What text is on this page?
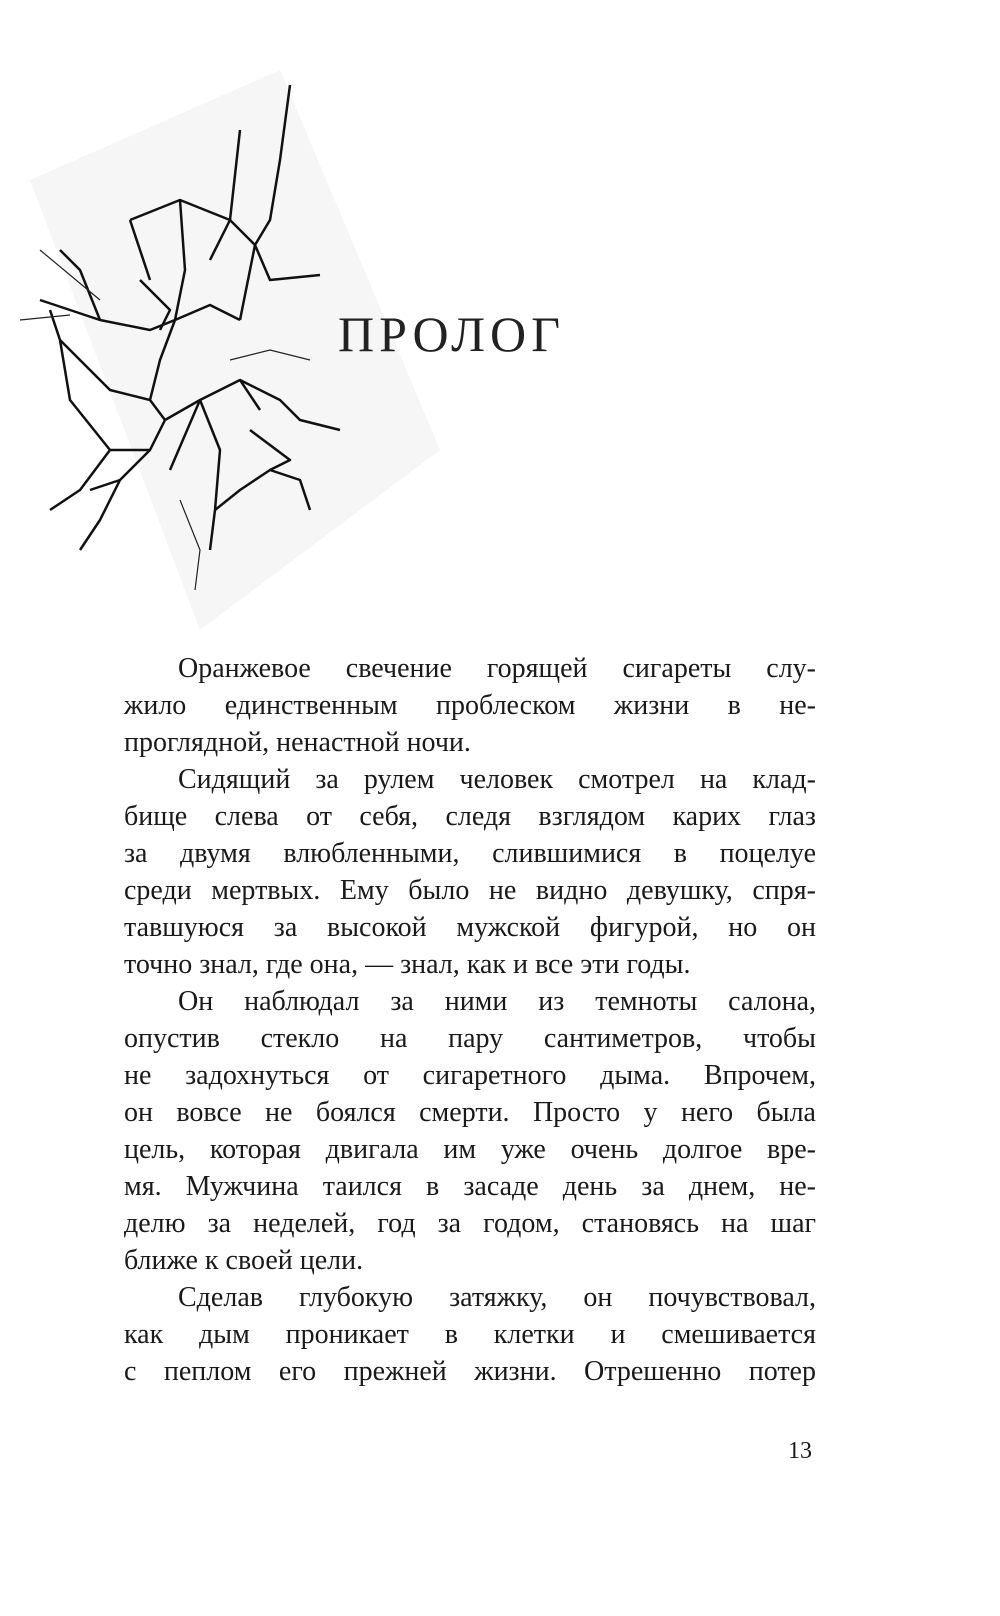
ПРОЛОГ
Оранжевое свечение горящей сигареты слу-
жило единственным проблеском жизни в не-
проглядной, ненастной ночи.
Сидящий за рулем человек смотрел на клад-
бище слева от себя, следя взглядом карих глаз
за двумя влюбленными, слившимися в поцелуе
среди мертвых. Ему было не видно девушку, спря-
тавшуюся за высокой мужской фигурой, но он
точно знал, где она, — знал, как и все эти годы.
Он наблюдал за ними из темноты салона,
опустив стекло на пару сантиметров, чтобы
не задохнуться от сигаретного дыма. Впрочем,
он вовсе не боялся смерти. Просто у него была
цель, которая двигала им уже очень долгое вре-
мя. Мужчина таился в засаде день за днем, не-
делю за неделей, год за годом, становясь на шаг
ближе к своей цели.
Сделав глубокую затяжку, он почувствовал,
как дым проникает в клетки и смешивается
с пеплом его прежней жизни. Отрешенно потер
13
